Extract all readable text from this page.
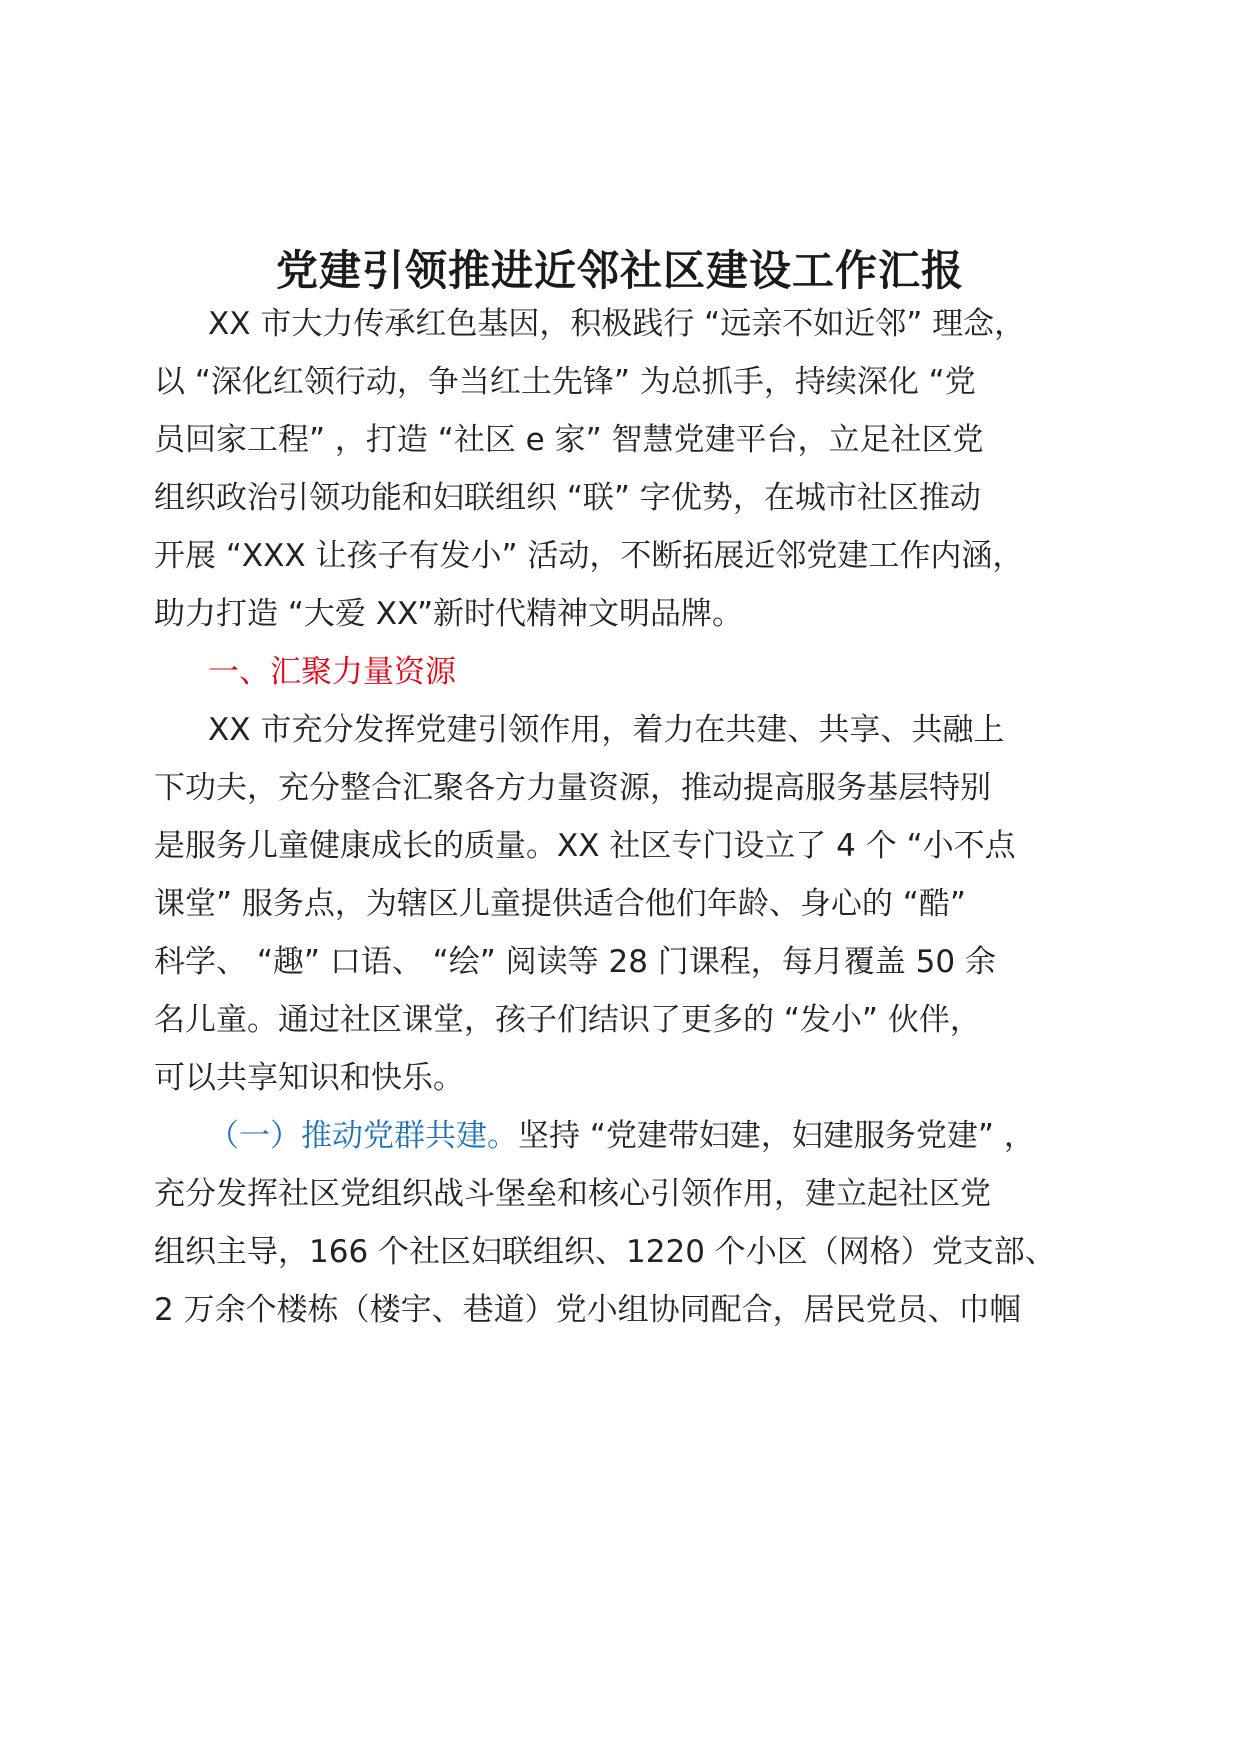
党建引领推进近邻社区建设工作汇报
XX 市大力传承红色基因，积极践行 “远亲不如近邻” 理念，
以 “深化红领行动，争当红土先锋” 为总抓手，持续深化 “党
员回家工程” ，打造 “社区 e 家” 智慧党建平台，立足社区党
组织政治引领功能和妇联组织 “联” 字优势，在城市社区推动
开展 “XXX 让孩子有发小” 活动，不断拓展近邻党建工作内涵，
助力打造 “大爱 XX”新时代精神文明品牌。
一、汇聚力量资源
XX 市充分发挥党建引领作用，着力在共建、共享、共融上
下功夫，充分整合汇聚各方力量资源，推动提高服务基层特别
是服务儿童健康成长的质量。XX 社区专门设立了 4 个 “小不点
课堂” 服务点，为辖区儿童提供适合他们年龄、身心的 “酷”
科学、 “趣” 口语、 “绘” 阅读等 28 门课程，每月覆盖 50 余
名儿童。通过社区课堂，孩子们结识了更多的 “发小” 伙伴，
可以共享知识和快乐。
（一）推动党群共建。坚持 “党建带妇建，妇建服务党建” ，
充分发挥社区党组织战斗堡垒和核心引领作用，建立起社区党
组织主导，166 个社区妇联组织、1220 个小区（网格）党支部、
2 万余个楼栋（楼宇、巷道）党小组协同配合，居民党员、巾帼
